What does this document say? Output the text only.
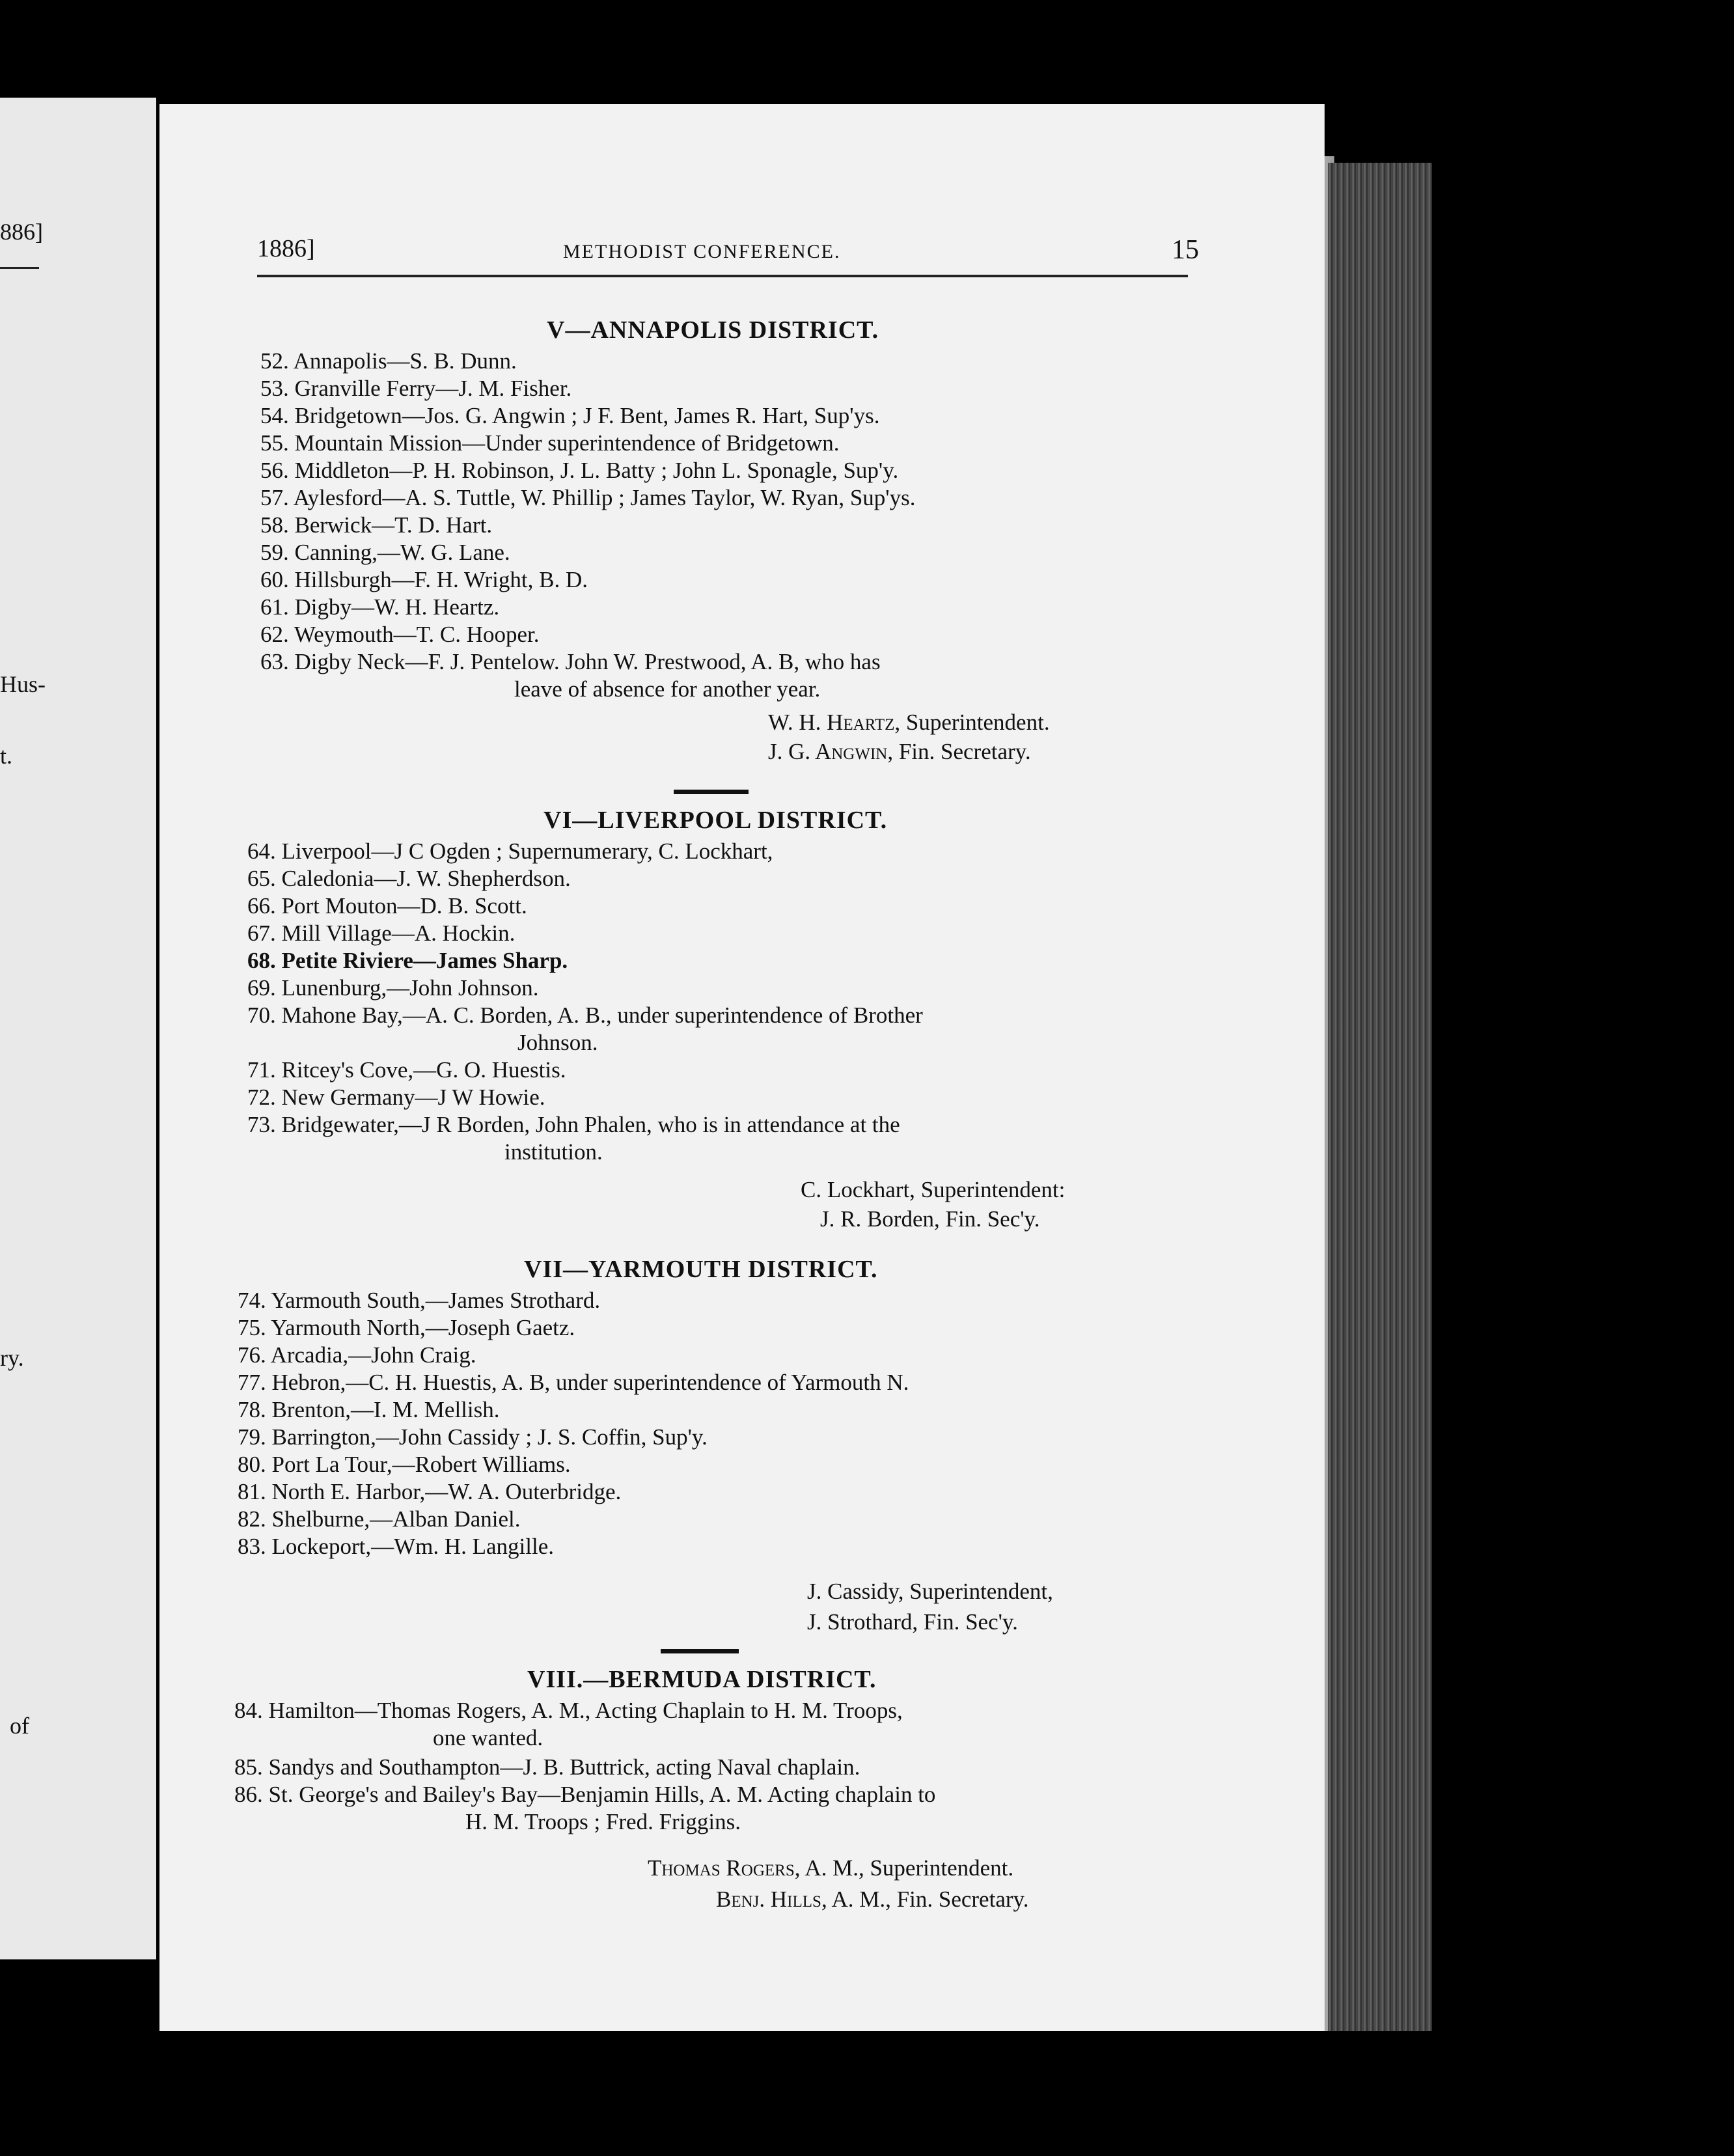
886]
Hus-
t.
ry.
of
1886]	METHODIST CONFERENCE.	15
V—ANNAPOLIS DISTRICT.
52. Annapolis—S. B. Dunn.
53. Granville Ferry—J. M. Fisher.
54. Bridgetown—Jos. G. Angwin ; J F. Bent, James R. Hart, Sup'ys.
55. Mountain Mission—Under superintendence of Bridgetown.
56. Middleton—P. H. Robinson, J. L. Batty ; John L. Sponagle, Sup'y.
57. Aylesford—A. S. Tuttle, W. Phillip ; James Taylor, W. Ryan, Sup'ys.
58. Berwick—T. D. Hart.
59. Canning,—W. G. Lane.
60. Hillsburgh—F. H. Wright, B. D.
61. Digby—W. H. Heartz.
62. Weymouth—T. C. Hooper.
63. Digby Neck—F. J. Pentelow. John W. Prestwood, A. B, who has
leave of absence for another year.
W. H. Heartz, Superintendent.
J. G. Angwin, Fin. Secretary.
VI—LIVERPOOL DISTRICT.
64. Liverpool—J C Ogden ; Supernumerary, C. Lockhart,
65. Caledonia—J. W. Shepherdson.
66. Port Mouton—D. B. Scott.
67. Mill Village—A. Hockin.
68. Petite Riviere—James Sharp.
69. Lunenburg,—John Johnson.
70. Mahone Bay,—A. C. Borden, A. B., under superintendence of Brother
Johnson.
71. Ritcey's Cove,—G. O. Huestis.
72. New Germany—J W Howie.
73. Bridgewater,—J R Borden, John Phalen, who is in attendance at the
institution.
C. Lockhart, Superintendent:
J. R. Borden, Fin. Sec'y.
VII—YARMOUTH DISTRICT.
74. Yarmouth South,—James Strothard.
75. Yarmouth North,—Joseph Gaetz.
76. Arcadia,—John Craig.
77. Hebron,—C. H. Huestis, A. B, under superintendence of Yarmouth N.
78. Brenton,—I. M. Mellish.
79. Barrington,—John Cassidy ; J. S. Coffin, Sup'y.
80. Port La Tour,—Robert Williams.
81. North E. Harbor,—W. A. Outerbridge.
82. Shelburne,—Alban Daniel.
83. Lockeport,—Wm. H. Langille.
J. Cassidy, Superintendent,
J. Strothard, Fin. Sec'y.
VIII.—BERMUDA DISTRICT.
84. Hamilton—Thomas Rogers, A. M., Acting Chaplain to H. M. Troops,
one wanted.
85. Sandys and Southampton—J. B. Buttrick, acting Naval chaplain.
86. St. George's and Bailey's Bay—Benjamin Hills, A. M. Acting chaplain to
H. M. Troops ; Fred. Friggins.
Thomas Rogers, A. M., Superintendent.
Benj. Hills, A. M., Fin. Secretary.
